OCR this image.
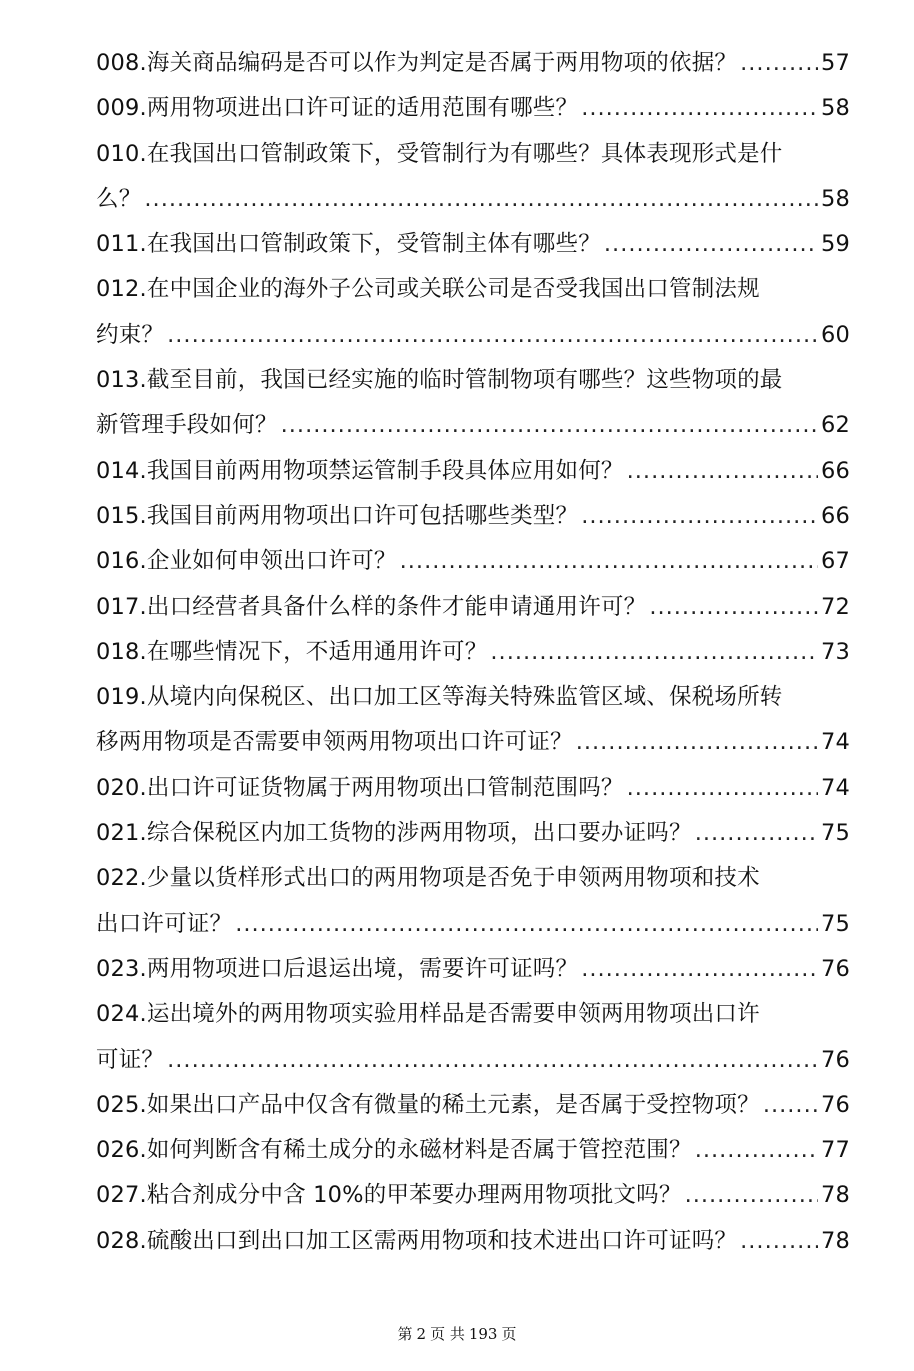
008.海关商品编码是否可以作为判定是否属于两用物项的依据？ .....	57
009.两用物项进出口许可证的适用范围有哪些？ .....	58
010.在我国出口管制政策下，受管制行为有哪些？具体表现形式是什
么？ .....	58
011.在我国出口管制政策下，受管制主体有哪些？ .....	59
012.在中国企业的海外子公司或关联公司是否受我国出口管制法规
约束？ .....	60
013.截至目前，我国已经实施的临时管制物项有哪些？这些物项的最
新管理手段如何？ .....	62
014.我国目前两用物项禁运管制手段具体应用如何？ .....	66
015.我国目前两用物项出口许可包括哪些类型？ .....	66
016.企业如何申领出口许可？ .....	67
017.出口经营者具备什么样的条件才能申请通用许可？ .....	72
018.在哪些情况下，不适用通用许可？ .....	73
019.从境内向保税区、出口加工区等海关特殊监管区域、保税场所转
移两用物项是否需要申领两用物项出口许可证？ .....	74
020.出口许可证货物属于两用物项出口管制范围吗？ .....	74
021.综合保税区内加工货物的涉两用物项，出口要办证吗？ .....	75
022.少量以货样形式出口的两用物项是否免于申领两用物项和技术
出口许可证？ .....	75
023.两用物项进口后退运出境，需要许可证吗？ .....	76
024.运出境外的两用物项实验用样品是否需要申领两用物项出口许
可证？ .....	76
025.如果出口产品中仅含有微量的稀土元素，是否属于受控物项？ .....	76
026.如何判断含有稀土成分的永磁材料是否属于管控范围？ .....	77
027.粘合剂成分中含 10%的甲苯要办理两用物项批文吗？ .....	78
028.硫酸出口到出口加工区需两用物项和技术进出口许可证吗？ .....	78
第 2 页 共 193 页
